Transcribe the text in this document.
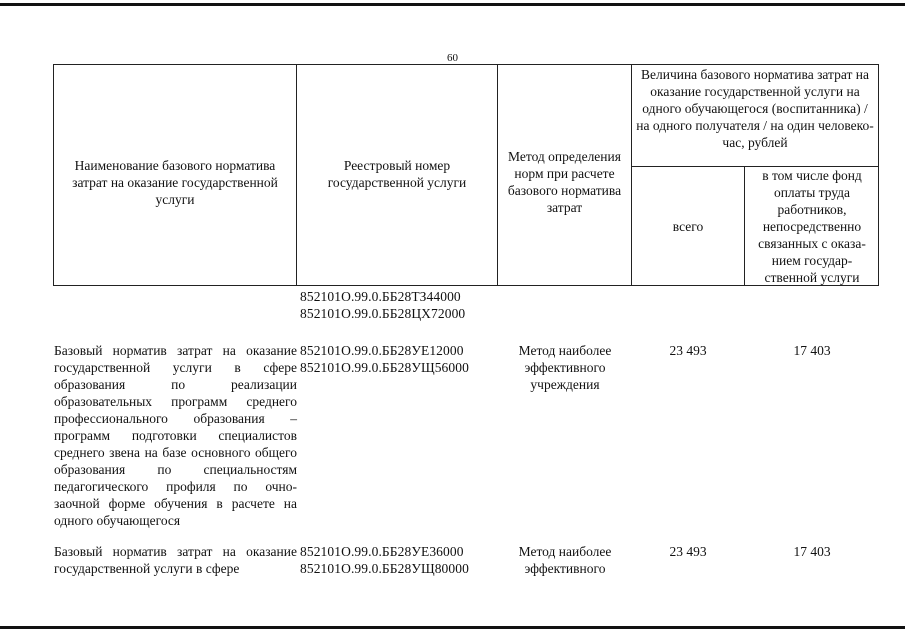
60

Наименование базового норматива затрат на оказание государственной услуги

Реестровый номер государственной услуги

Метод определения норм при расчете базового норматива затрат

Величина базового норматива затрат на оказание государственной услуги на одного обучающегося (воспитанника) / на одного получателя / на один человеко-час, рублей

всего

в том числе фонд оплаты труда работников, непосредственно связанных с оказа-нием государ-ственной услуги

852101О.99.0.ББ28ТЗ44000
852101О.99.0.ББ28ЦХ72000
Базовый норматив затрат на оказание государственной услуги в сфере образования по реализации образовательных программ среднего профессионального образования – программ подготовки специалистов среднего звена на базе основного общего образования по специальностям педагогического профиля по очно-заочной форме обучения в расчете на одного обучающегося
852101О.99.0.ББ28УЕ12000
852101О.99.0.ББ28УЩ56000
Метод наиболее эффективного учреждения
23 493	17 403
Базовый норматив затрат на оказание государственной услуги в сфере
852101О.99.0.ББ28УЕ36000
852101О.99.0.ББ28УЩ80000
Метод наиболее эффективного
23 493	17 403
